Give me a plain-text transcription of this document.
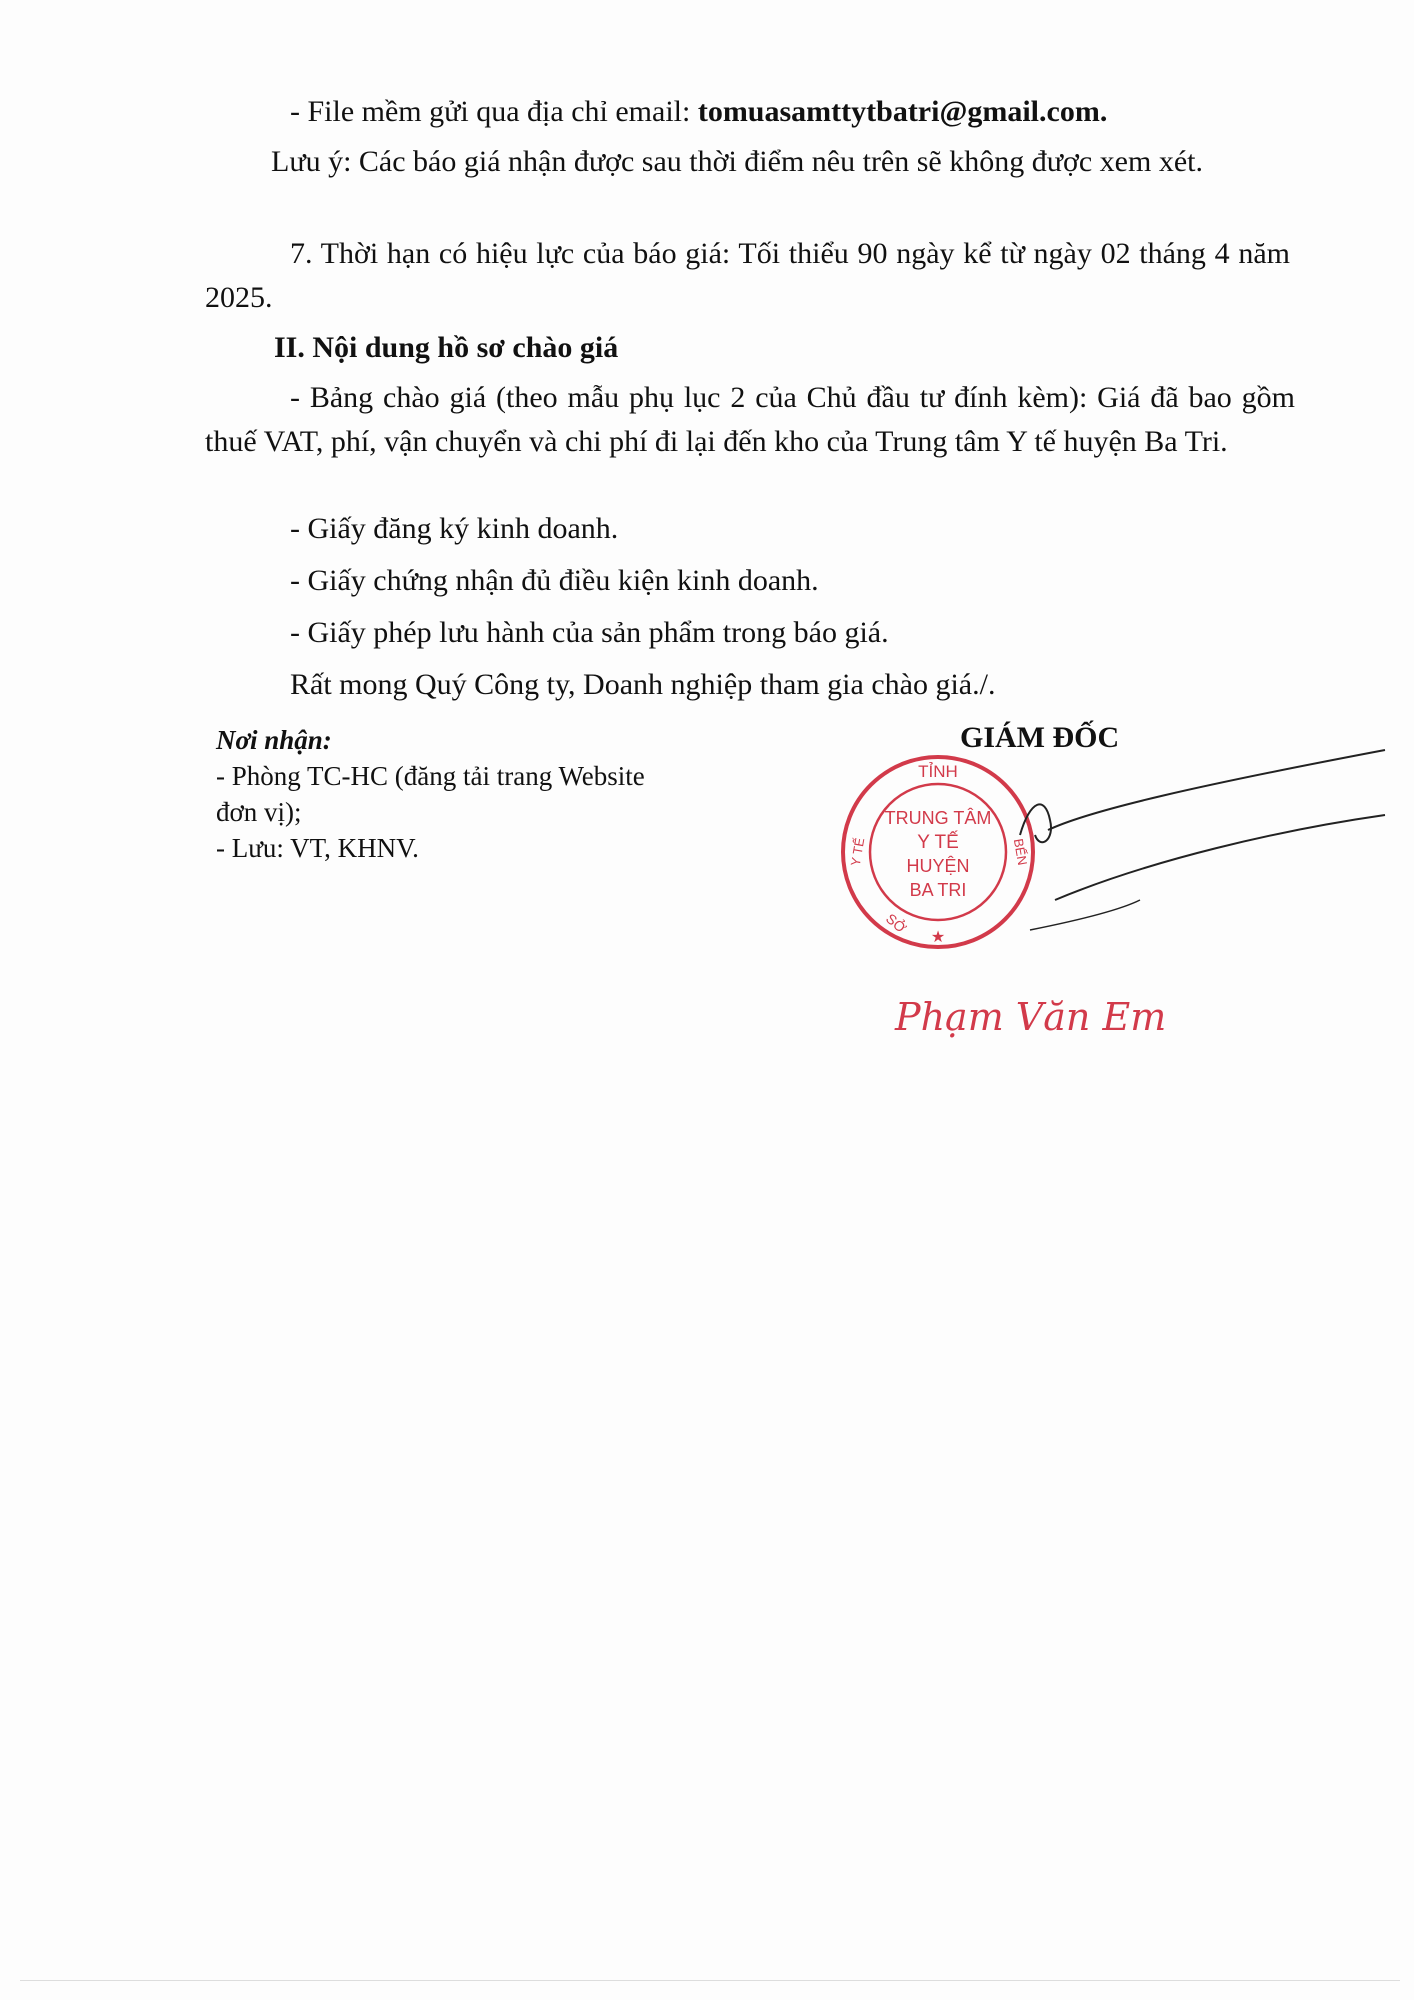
- File mềm gửi qua địa chỉ email: tomuasamttytbatri@gmail.com.
Lưu ý: Các báo giá nhận được sau thời điểm nêu trên sẽ không được xem xét.
7. Thời hạn có hiệu lực của báo giá: Tối thiểu 90 ngày kể từ ngày 02 tháng 4 năm 2025.
II. Nội dung hồ sơ chào giá
- Bảng chào giá (theo mẫu phụ lục 2 của Chủ đầu tư đính kèm): Giá đã bao gồm thuế VAT, phí, vận chuyển và chi phí đi lại đến kho của Trung tâm Y tế huyện Ba Tri.
- Giấy đăng ký kinh doanh.
- Giấy chứng nhận đủ điều kiện kinh doanh.
- Giấy phép lưu hành của sản phẩm trong báo giá.
Rất mong Quý Công ty, Doanh nghiệp tham gia chào giá./.
Nơi nhận:
- Phòng TC-HC (đăng tải trang Website đơn vị);
- Lưu: VT, KHNV.
GIÁM ĐỐC
TỈNH
TRUNG TÂM
Y TẾ
HUYỆN
BA TRI
Y TẾ	BẾN
SỞ
★
Phạm Văn Em
